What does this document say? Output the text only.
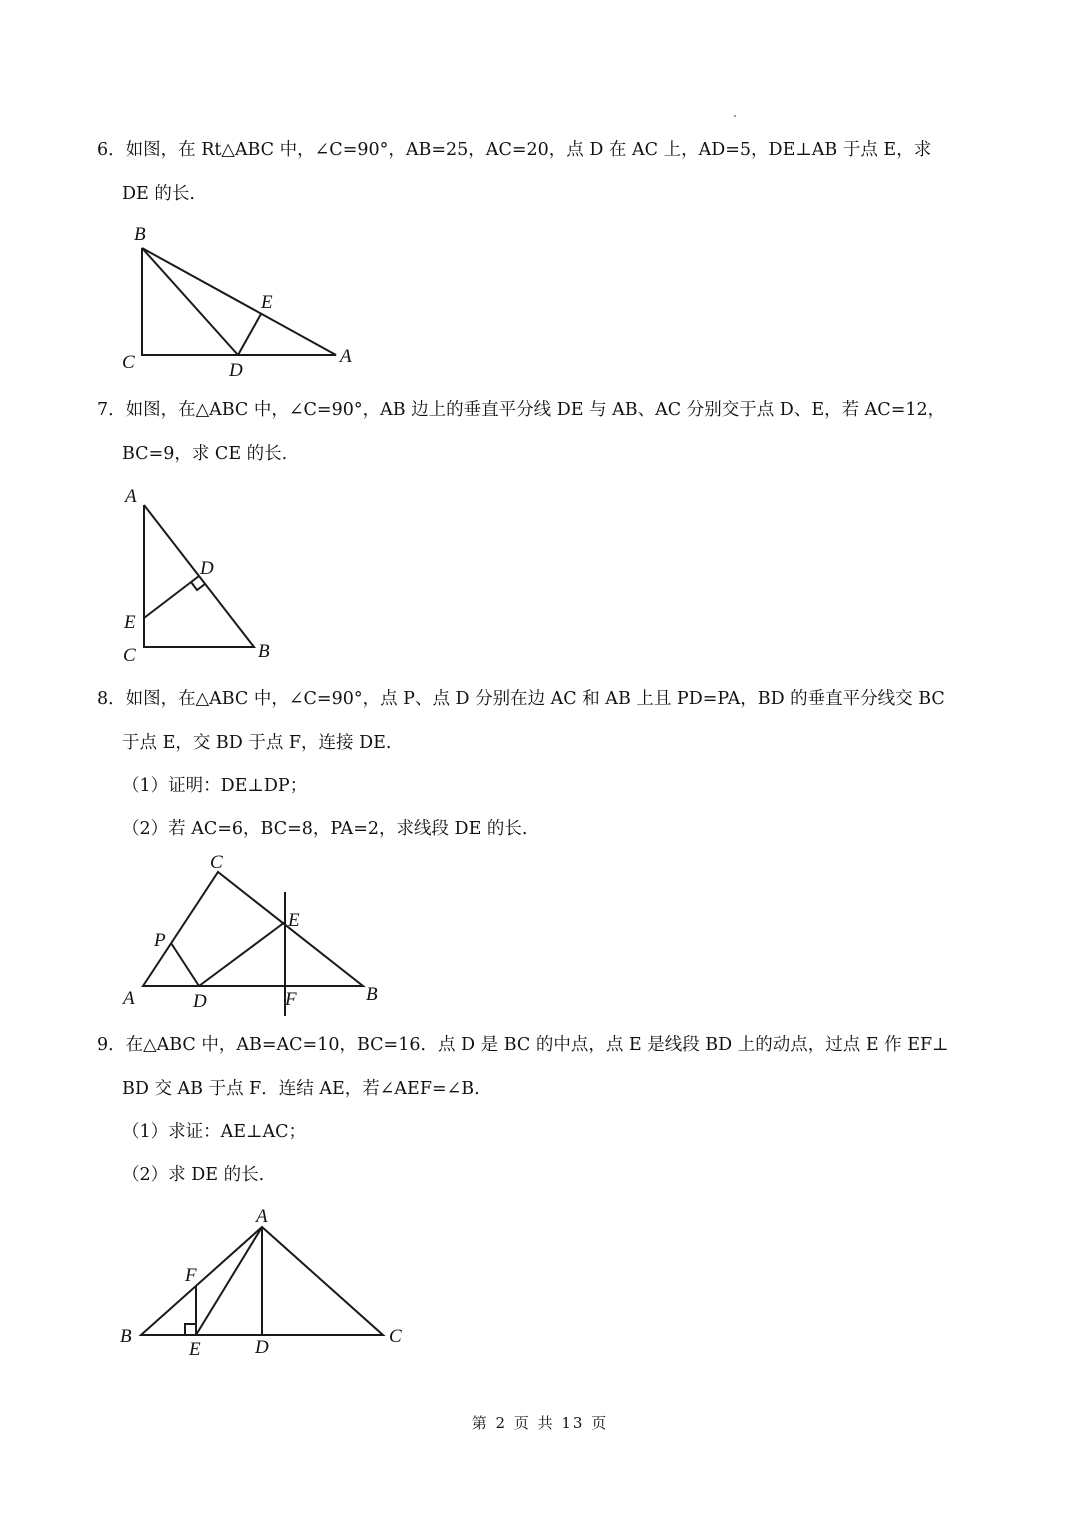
6．如图，在 Rt△ABC 中，∠C=90°，AB=25，AC=20，点 D 在 AC 上，AD=5，DE⊥AB 于点 E，求
DE 的长.
B
C	D
E
A
7．如图，在△ABC 中，∠C=90°，AB 边上的垂直平分线 DE 与 AB、AC 分别交于点 D、E，若 AC=12，
BC=9，求 CE 的长.
A
D
E
C	B
8．如图，在△ABC 中，∠C=90°，点 P、点 D 分别在边 AC 和 AB 上且 PD=PA，BD 的垂直平分线交 BC
于点 E，交 BD 于点 F，连接 DE.
（1）证明：DE⊥DP；
（2）若 AC=6，BC=8，PA=2，求线段 DE 的长.
C
P
E
A	D	F	B
9．在△ABC 中，AB=AC=10，BC=16．点 D 是 BC 的中点，点 E 是线段 BD 上的动点，过点 E 作 EF⊥
BD 交 AB 于点 F．连结 AE，若∠AEF=∠B.
（1）求证：AE⊥AC；
（2）求 DE 的长.
A
F
B
E	D
C
第 2 页 共 13 页
